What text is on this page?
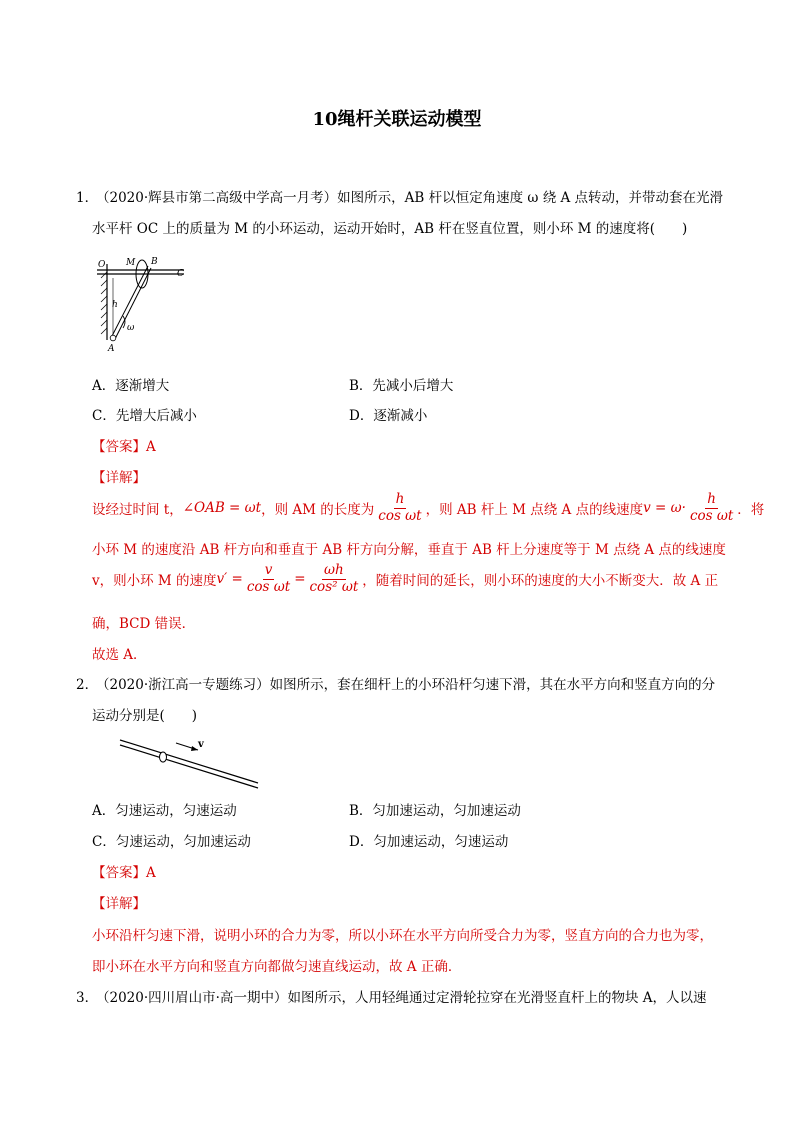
10绳杆关联运动模型
1．
（2020·辉县市第二高级中学高一月考）如图所示，AB 杆以恒定角速度 ω 绕 A 点转动，并带动套在光滑
水平杆 OC 上的质量为 M 的小环运动，运动开始时，AB 杆在竖直位置，则小环 M 的速度将(　　)
O M B
C
h
ω
A
A．逐渐增大	B．先减小后增大
C．先增大后减小	D．逐渐减小
【答案】A
【详解】
设经过时间 t， ∠OAB = ωt ，则 AM 的长度为 $\frac{h}{\text{cos ωt}}$ ，则 AB 杆上 M 点绕 A 点的线速度 $v = \omega\cdot \frac{h}{\text{cos ωt}}$ ．将
小环 M 的速度沿 AB 杆方向和垂直于 AB 杆方向分解，垂直于 AB 杆上分速度等于 M 点绕 A 点的线速度
v，则小环 M 的速度 $v' = \frac{v}{\text{cos ωt}} = \frac{\omega h}{\text{cos² ωt}}$ ，随着时间的延长，则小环的速度的大小不断变大．故 A 正
确，BCD 错误．
故选 A．
2．
（2020·浙江高一专题练习）如图所示，套在细杆上的小环沿杆匀速下滑，其在水平方向和竖直方向的分
运动分别是(　　)
v
A．匀速运动，匀速运动	B．匀加速运动，匀加速运动
C．匀速运动，匀加速运动	D．匀加速运动，匀速运动
【答案】A
【详解】
小环沿杆匀速下滑，说明小环的合力为零，所以小环在水平方向所受合力为零，竖直方向的合力也为零，
即小环在水平方向和竖直方向都做匀速直线运动，故 A 正确．
3．
（2020·四川眉山市·高一期中）如图所示，人用轻绳通过定滑轮拉穿在光滑竖直杆上的物块 A，人以速
